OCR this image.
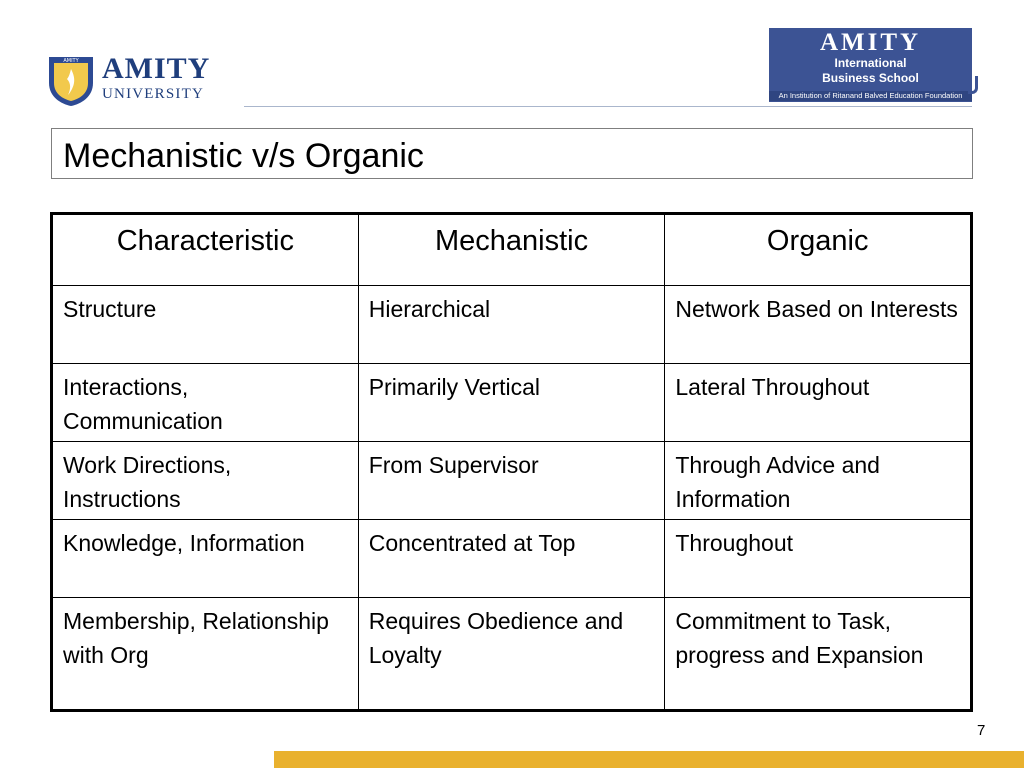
AMITY AMITY
UNIVERSITY
AMITY
International
Business School
An Institution of Ritanand Balved Education Foundation
Mechanistic v/s Organic
Characteristic	Mechanistic	Organic
Structure	Hierarchical	Network Based on Interests
Interactions, Communication	Primarily Vertical	Lateral Throughout
Work Directions, Instructions	From Supervisor	Through Advice and Information
Knowledge, Information	Concentrated at Top	Throughout
Membership, Relationship with Org	Requires Obedience and Loyalty	Commitment to Task, progress and Expansion
7
